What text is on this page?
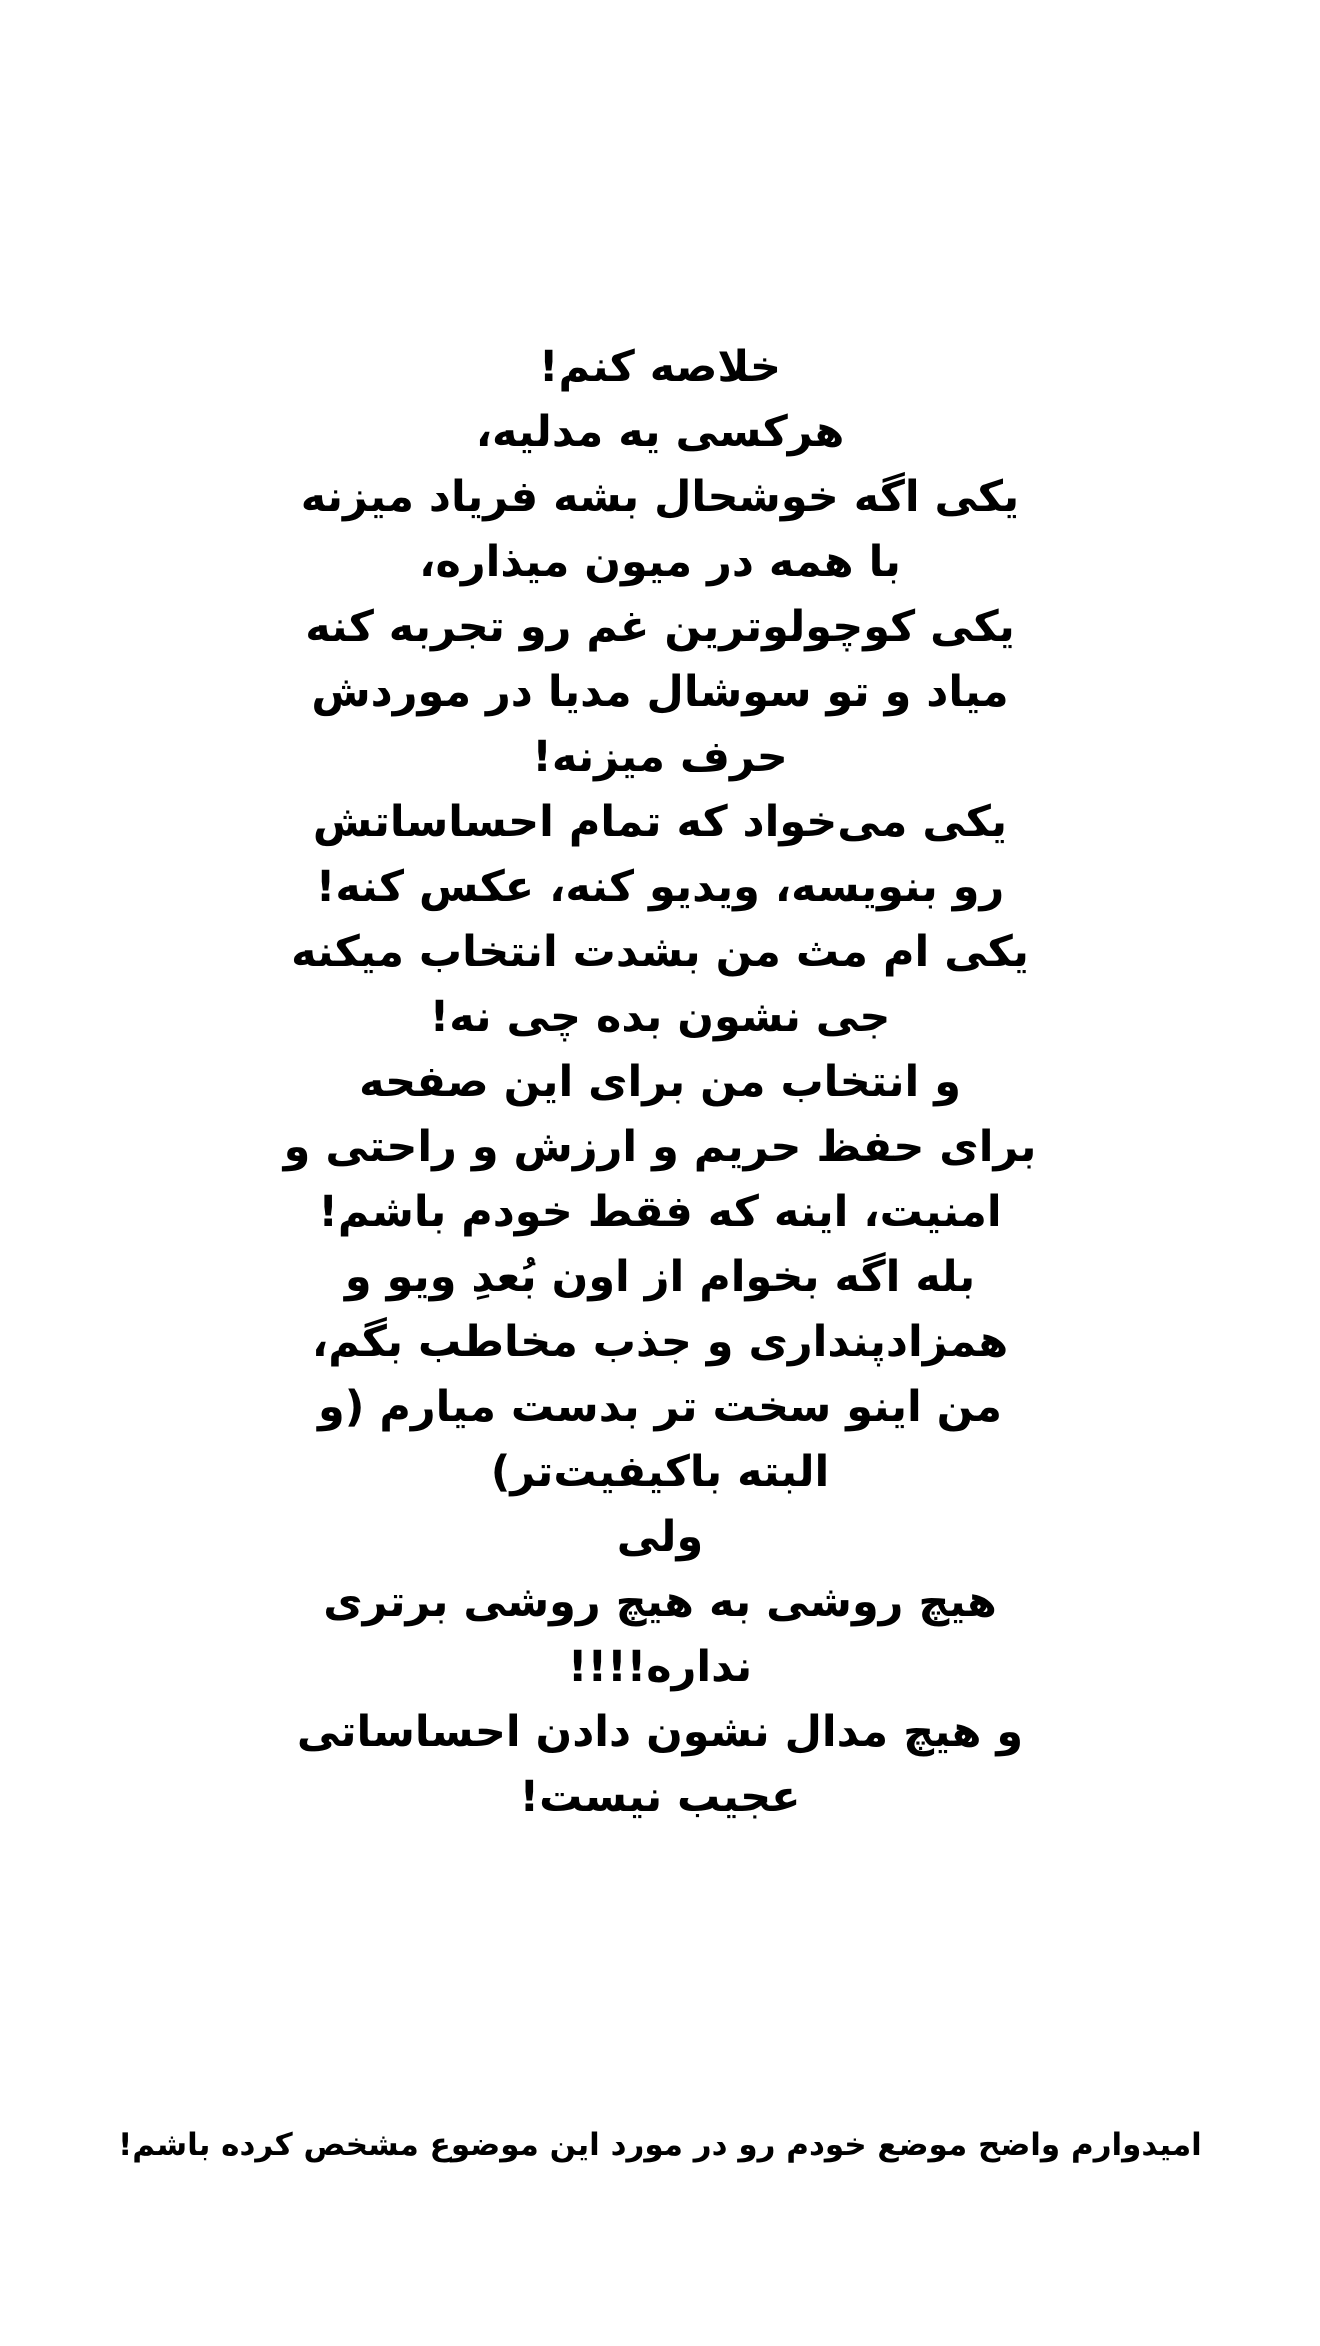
خلاصه کنم!
هرکسی یه مدلیه،
یکی اگه خوشحال بشه فریاد میزنه
با همه در میون میذاره،
یکی کوچولوترین غم رو تجربه کنه
میاد و تو سوشال مدیا در موردش
حرف میزنه!
یکی می‌خواد که تمام احساساتش
رو بنویسه، ویدیو کنه، عکس کنه!
یکی ام مث من بشدت انتخاب میکنه
جی نشون بده چی نه!
و انتخاب من برای این صفحه
برای حفظ حریم و ارزش و راحتی و
امنیت، اینه که فقط خودم باشم!
بله اگه بخوام از اون بُعدِ ویو و
همزادپنداری و جذب مخاطب بگم،
من اینو سخت تر بدست میارم (و
البته باکیفیت‌تر)
ولی
هیچ روشی به هیچ روشی برتری
نداره!!!!
و هیچ مدال نشون دادن احساساتی
عجیب نیست!
امیدوارم واضح موضع خودم رو در مورد این موضوع مشخص کرده باشم!
